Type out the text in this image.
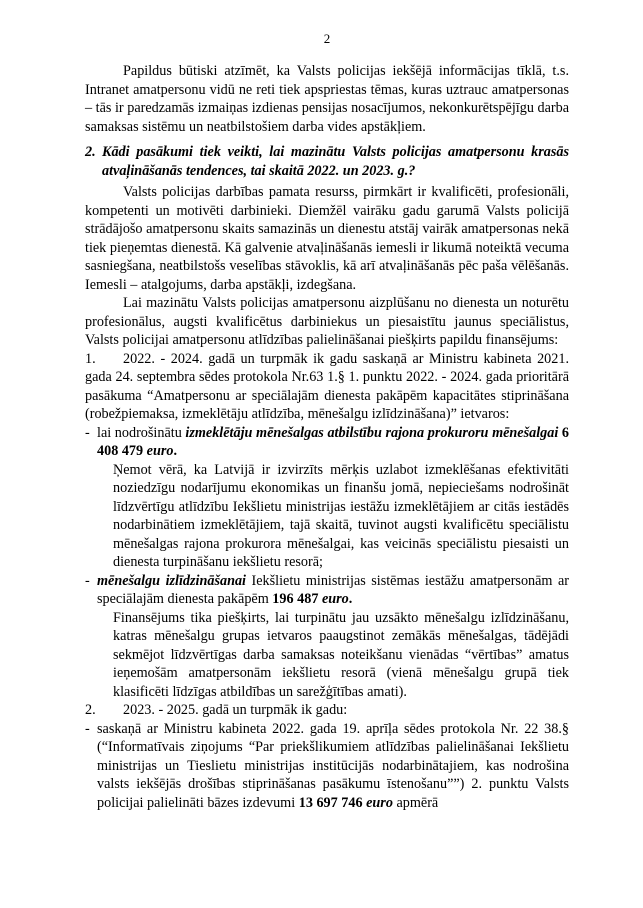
2

Papildus būtiski atzīmēt, ka Valsts policijas iekšējā informācijas tīklā, t.s. Intranet amatpersonu vidū ne reti tiek apspriestas tēmas, kuras uztrauc amatpersonas – tās ir paredzamās izmaiņas izdienas pensijas nosacījumos, nekonkurētspējīgu darba samaksas sistēmu un neatbilstošiem darba vides apstākļiem.

2. Kādi pasākumi tiek veikti, lai mazinātu Valsts policijas amatpersonu krasās atvaļināšanās tendences, tai skaitā 2022. un 2023. g.?

Valsts policijas darbības pamata resurss, pirmkārt ir kvalificēti, profesionāli, kompetenti un motivēti darbinieki. Diemžēl vairāku gadu garumā Valsts policijā strādājošo amatpersonu skaits samazinās un dienestu atstāj vairāk amatpersonas nekā tiek pieņemtas dienestā. Kā galvenie atvaļināšanās iemesli ir likumā noteiktā vecuma sasniegšana, neatbilstošs veselības stāvoklis, kā arī atvaļināšanās pēc paša vēlēšanās. Iemesli – atalgojums, darba apstākļi, izdegšana.

Lai mazinātu Valsts policijas amatpersonu aizplūšanu no dienesta un noturētu profesionālus, augsti kvalificētus darbiniekus un piesaistītu jaunus speciālistus, Valsts policijai amatpersonu atlīdzības palielināšanai piešķirts papildu finansējums:

1. 2022. - 2024. gadā un turpmāk ik gadu saskaņā ar Ministru kabineta 2021. gada 24. septembra sēdes protokola Nr.63 1.§ 1. punktu 2022. - 2024. gada prioritārā pasākuma “Amatpersonu ar speciālajām dienesta pakāpēm kapacitātes stiprināšana (robežpiemaksa, izmeklētāju atlīdzība, mēnešalgu izlīdzināšana)” ietvaros:

- lai nodrošinātu izmeklētāju mēnešalgas atbilstību rajona prokuroru mēnešalgai 6 408 479 euro.

Ņemot vērā, ka Latvijā ir izvirzīts mērķis uzlabot izmeklēšanas efektivitāti noziedzīgu nodarījumu ekonomikas un finanšu jomā, nepieciešams nodrošināt līdzvērtīgu atlīdzību Iekšlietu ministrijas iestāžu izmeklētājiem ar citās iestādēs nodarbinātiem izmeklētājiem, tajā skaitā, tuvinot augsti kvalificētu speciālistu mēnešalgas rajona prokurora mēnešalgai, kas veicinās speciālistu piesaisti un dienesta turpināšanu iekšlietu resorā;

- mēnešalgu izlīdzināšanai Iekšlietu ministrijas sistēmas iestāžu amatpersonām ar speciālajām dienesta pakāpēm 196 487 euro.

Finansējums tika piešķirts, lai turpinātu jau uzsākto mēnešalgu izlīdzināšanu, katras mēnešalgu grupas ietvaros paaugstinot zemākās mēnešalgas, tādējādi sekmējot līdzvērtīgas darba samaksas noteikšanu vienādas “vērtības” amatus ieņemošām amatpersonām iekšlietu resorā (vienā mēnešalgu grupā tiek klasificēti līdzīgas atbildības un sarežģītības amati).

2. 2023. - 2025. gadā un turpmāk ik gadu:

- saskaņā ar Ministru kabineta 2022. gada 19. aprīļa sēdes protokola Nr. 22 38.§ (“Informatīvais ziņojums “Par priekšlikumiem atlīdzības palielināšanai Iekšlietu ministrijas un Tieslietu ministrijas institūcijās nodarbinātajiem, kas nodrošina valsts iekšējās drošības stiprināšanas pasākumu īstenošanu””) 2. punktu Valsts policijai palielināti bāzes izdevumi 13 697 746 euro apmērā
